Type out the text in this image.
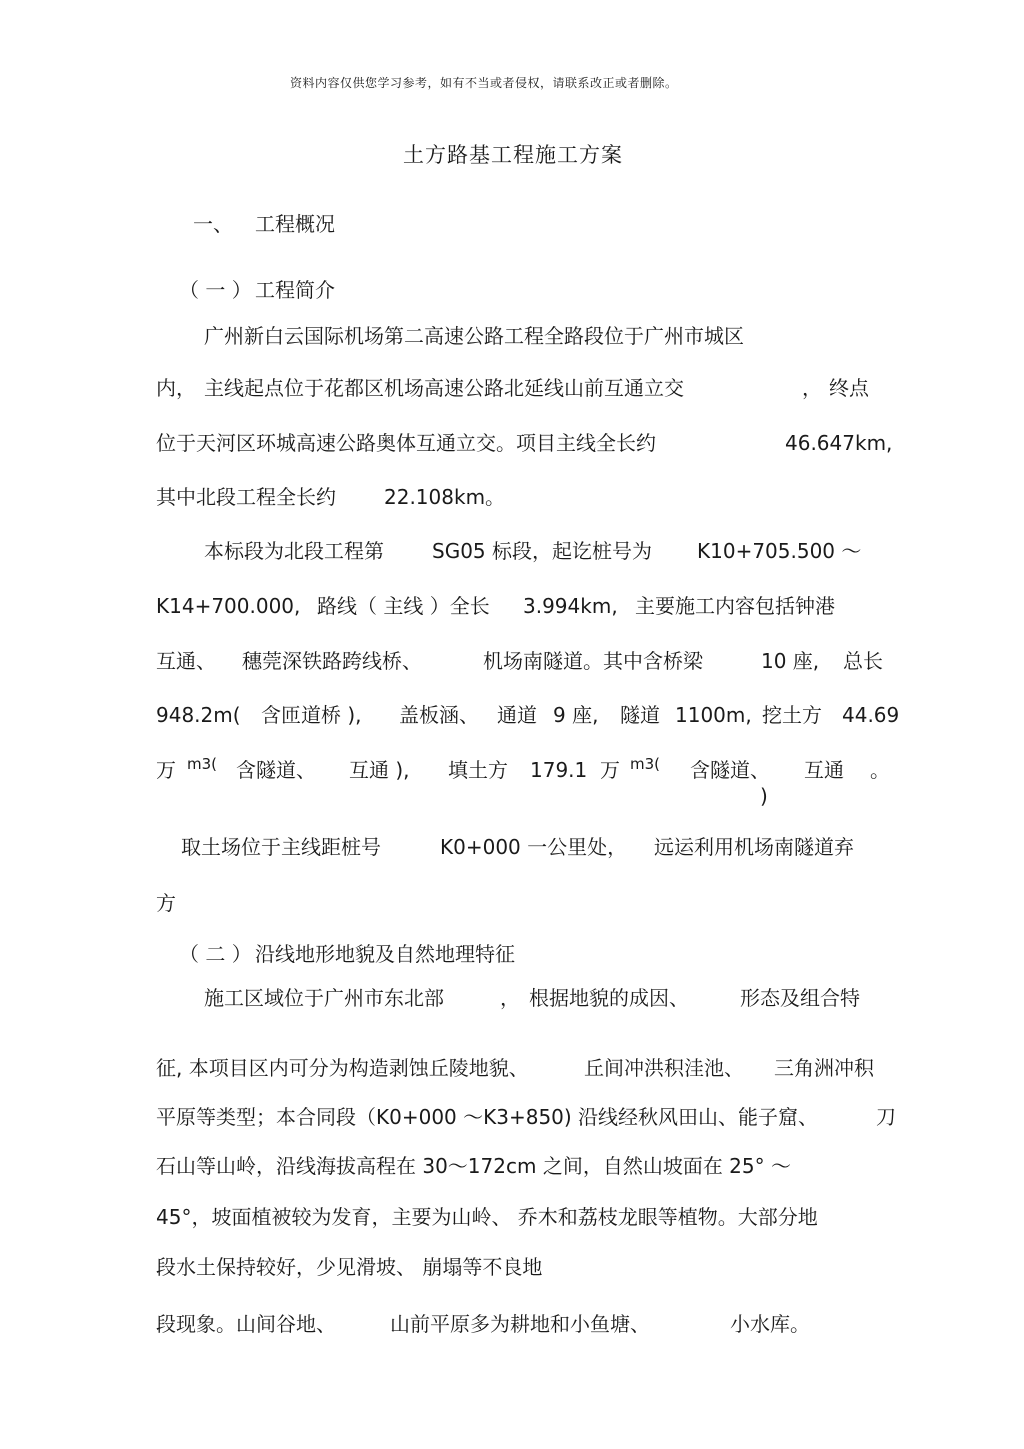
资料内容仅供您学习参考，如有不当或者侵权，请联系改正或者删除。
土方路基工程施工方案
一、 工程概况
（ 一 ） 工程简介
广州新白云国际机场第二高速公路工程全路段位于广州市城区
内， 主线起点位于花都区机场高速公路北延线山前互通立交	， 终点
位于天河区环城高速公路奥体互通立交。项目主线全长约	46.647km,
其中北段工程全长约 22.108km。
本标段为北段工程第 SG05 标段，起讫桩号为 K10+705.500 ～
K14+700.000, 路线（ 主线 ）全长 3.994km, 主要施工内容包括钟港
互通、 穗莞深铁路跨线桥、	机场南隧道。其中含桥梁	10 座, 总长
948.2m( 含匝道桥 ), 盖板涵、 通道 9 座, 隧道 1100m, 挖土方 44.69
万 m3( 含隧道、 互通 ), 填土方 179.1 万 m3( 含隧道、 互通 。
)
取土场位于主线距桩号	K0+000 一公里处， 远运利用机场南隧道弃
方
（ 二 ） 沿线地形地貌及自然地理特征
施工区域位于广州市东北部	， 根据地貌的成因、	形态及组合特
征, 本项目区内可分为构造剥蚀丘陵地貌、	丘间冲洪积洼池、 三角洲冲积
平原等类型；本合同段（K0+000 ～K3+850) 沿线经秋风田山、能子窟、	刀
石山等山岭，沿线海拔高程在 30～172cm 之间，自然山坡面在 25° ～
45°，坡面植被较为发育，主要为山岭、 乔木和荔枝龙眼等植物。大部分地
段水土保持较好，少见滑坡、 崩塌等不良地
段现象。山间谷地、	山前平原多为耕地和小鱼塘、	小水库。
